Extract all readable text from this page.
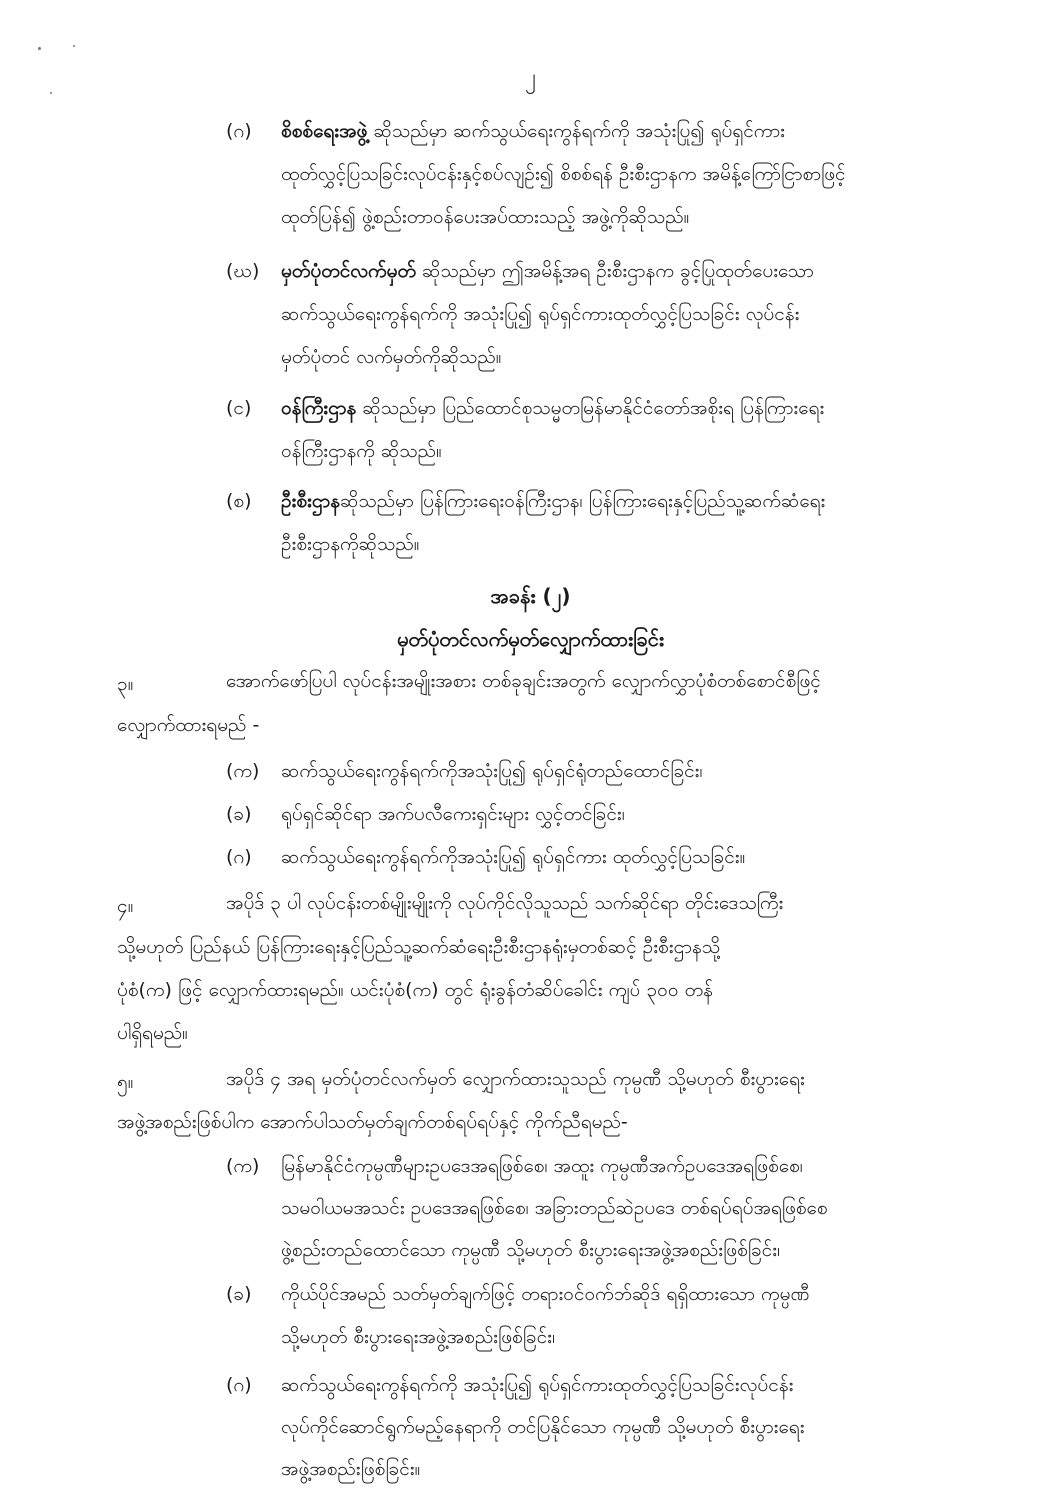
၂
(ဂ) စိစစ်ရေးအဖွဲ့ ဆိုသည်မှာ ဆက်သွယ်ရေးကွန်ရက်ကို အသုံးပြု၍ ရုပ်ရှင်ကား
ထုတ်လွှင့်ပြသခြင်းလုပ်ငန်းနှင့်စပ်လျဉ်း၍ စိစစ်ရန် ဦးစီးဌာနက အမိန့်ကြော်ငြာစာဖြင့်
ထုတ်ပြန်၍ ဖွဲ့စည်းတာဝန်ပေးအပ်ထားသည့် အဖွဲ့ကိုဆိုသည်။
(ဃ) မှတ်ပုံတင်လက်မှတ် ဆိုသည်မှာ ဤအမိန့်အရ ဦးစီးဌာနက ခွင့်ပြုထုတ်ပေးသော
ဆက်သွယ်ရေးကွန်ရက်ကို အသုံးပြု၍ ရုပ်ရှင်ကားထုတ်လွှင့်ပြသခြင်း လုပ်ငန်း
မှတ်ပုံတင် လက်မှတ်ကိုဆိုသည်။
(င) ဝန်ကြီးဌာန ဆိုသည်မှာ ပြည်ထောင်စုသမ္မတမြန်မာနိုင်ငံတော်အစိုးရ ပြန်ကြားရေး
ဝန်ကြီးဌာနကို ဆိုသည်။
(စ) ဦးစီးဌာနဆိုသည်မှာ ပြန်ကြားရေးဝန်ကြီးဌာန၊ ပြန်ကြားရေးနှင့်ပြည်သူ့ဆက်ဆံရေး
ဦးစီးဌာနကိုဆိုသည်။
အခန်း (၂)
မှတ်ပုံတင်လက်မှတ်လျှောက်ထားခြင်း
၃။	အောက်ဖော်ပြပါ လုပ်ငန်းအမျိုးအစား တစ်ခုချင်းအတွက် လျှောက်လွှာပုံစံတစ်စောင်စီဖြင့်
လျှောက်ထားရမည် -
(က) ဆက်သွယ်ရေးကွန်ရက်ကိုအသုံးပြု၍ ရုပ်ရှင်ရုံတည်ထောင်ခြင်း၊
(ခ) ရုပ်ရှင်ဆိုင်ရာ အက်ပလီကေးရှင်းများ လွှင့်တင်ခြင်း၊
(ဂ) ဆက်သွယ်ရေးကွန်ရက်ကိုအသုံးပြု၍ ရုပ်ရှင်ကား ထုတ်လွှင့်ပြသခြင်း။
၄။	အပိုဒ် ၃ ပါ လုပ်ငန်းတစ်မျိုးမျိုးကို လုပ်ကိုင်လိုသူသည် သက်ဆိုင်ရာ တိုင်းဒေသကြီး
သို့မဟုတ် ပြည်နယ် ပြန်ကြားရေးနှင့်ပြည်သူ့ဆက်ဆံရေးဦးစီးဌာနရုံးမှတစ်ဆင့် ဦးစီးဌာနသို့
ပုံစံ(က) ဖြင့် လျှောက်ထားရမည်။ ယင်းပုံစံ(က) တွင် ရုံးခွန်တံဆိပ်ခေါင်း ကျပ် ၃၀၀ တန်
ပါရှိရမည်။
၅။	အပိုဒ် ၄ အရ မှတ်ပုံတင်လက်မှတ် လျှောက်ထားသူသည် ကုမ္ပဏီ သို့မဟုတ် စီးပွားရေး
အဖွဲ့အစည်းဖြစ်ပါက အောက်ပါသတ်မှတ်ချက်တစ်ရပ်ရပ်နှင့် ကိုက်ညီရမည်-
(က) မြန်မာနိုင်ငံကုမ္ပဏီများဥပဒေအရဖြစ်စေ၊ အထူး ကုမ္ပဏီအက်ဥပဒေအရဖြစ်စေ၊
သမဝါယမအသင်း ဥပဒေအရဖြစ်စေ၊ အခြားတည်ဆဲဥပဒေ တစ်ရပ်ရပ်အရဖြစ်စေ
ဖွဲ့စည်းတည်ထောင်သော ကုမ္ပဏီ သို့မဟုတ် စီးပွားရေးအဖွဲ့အစည်းဖြစ်ခြင်း၊
(ခ) ကိုယ်ပိုင်အမည် သတ်မှတ်ချက်ဖြင့် တရားဝင်ဝက်ဘ်ဆိုဒ် ရရှိထားသော ကုမ္ပဏီ
သို့မဟုတ် စီးပွားရေးအဖွဲ့အစည်းဖြစ်ခြင်း၊
(ဂ) ဆက်သွယ်ရေးကွန်ရက်ကို အသုံးပြု၍ ရုပ်ရှင်ကားထုတ်လွှင့်ပြသခြင်းလုပ်ငန်း
လုပ်ကိုင်ဆောင်ရွက်မည့်နေရာကို တင်ပြနိုင်သော ကုမ္ပဏီ သို့မဟုတ် စီးပွားရေး
အဖွဲ့အစည်းဖြစ်ခြင်း။
